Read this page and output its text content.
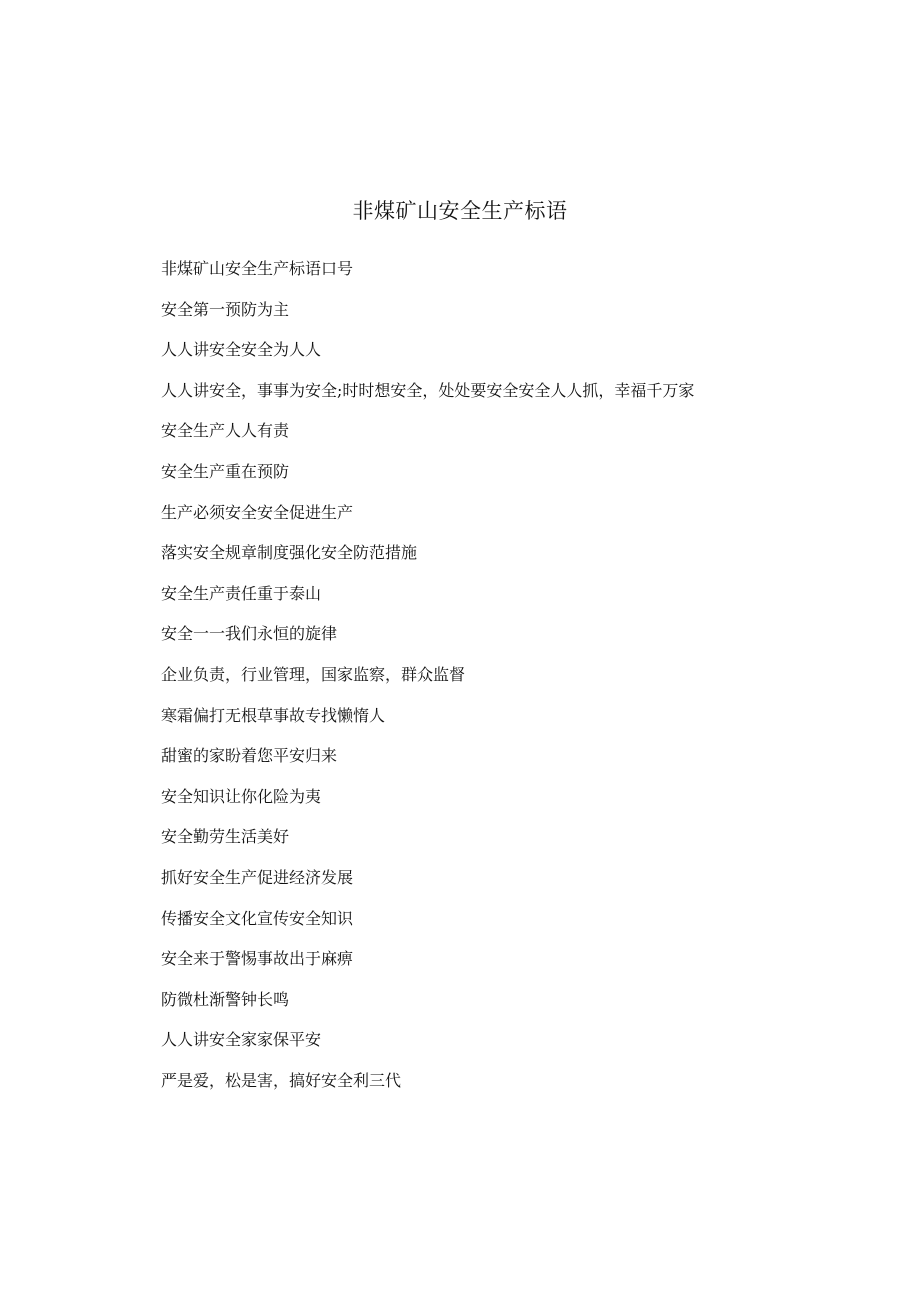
非煤矿山安全生产标语
非煤矿山安全生产标语口号
安全第一预防为主
人人讲安全安全为人人
人人讲安全，事事为安全;时时想安全，处处要安全安全人人抓，幸福千万家
安全生产人人有责
安全生产重在预防
生产必须安全安全促进生产
落实安全规章制度强化安全防范措施
安全生产责任重于泰山
安全一一我们永恒的旋律
企业负责，行业管理，国家监察，群众监督
寒霜偏打无根草事故专找懒惰人
甜蜜的家盼着您平安归来
安全知识让你化险为夷
安全勤劳生活美好
抓好安全生产促进经济发展
传播安全文化宣传安全知识
安全来于警惕事故出于麻痹
防微杜渐警钟长鸣
人人讲安全家家保平安
严是爱，松是害，搞好安全利三代
